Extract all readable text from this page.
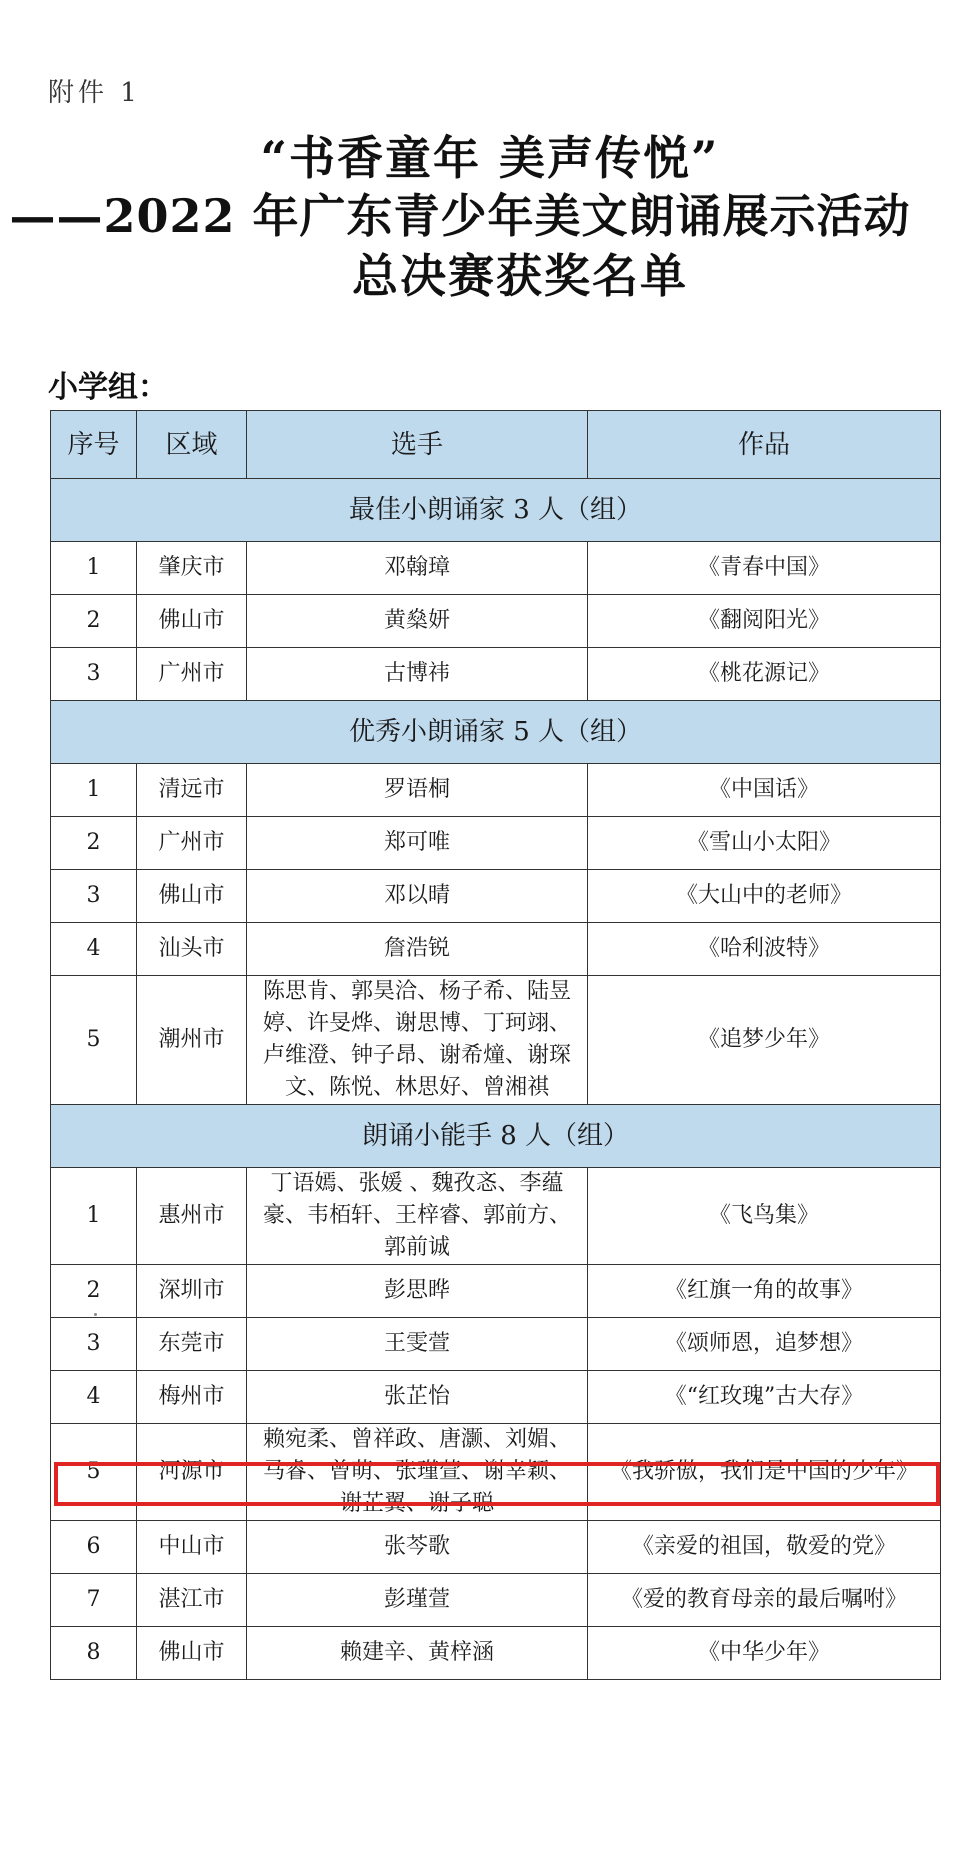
附件 1
“书香童年 美声传悦”
——2022 年广东青少年美文朗诵展示活动
总决赛获奖名单
小学组：
序号	区域	选手	作品
最佳小朗诵家 3 人（组）			
1	肇庆市	邓翰璋	《青春中国》
2	佛山市	黄燊妍	《翻阅阳光》
3	广州市	古博祎	《桃花源记》
优秀小朗诵家 5 人（组）			
1	清远市	罗语桐	《中国话》
2	广州市	郑可唯	《雪山小太阳》
3	佛山市	邓以晴	《大山中的老师》
4	汕头市	詹浩锐	《哈利波特》
5	潮州市	陈思肯、郭昊洽、杨子希、陆昱
婷、许旻烨、谢思博、丁珂翊、
卢维澄、钟子昂、谢希燑、谢琛
文、陈悦、林思好、曾湘祺	《追梦少年》
朗诵小能手 8 人（组）			
1	惠州市	丁语嫣、张媛 、魏孜忞、李蕴
豪、韦栢轩、王梓睿、郭前方、
郭前诚	《飞鸟集》
2	深圳市	彭思晔	《红旗一角的故事》
3	东莞市	王雯萱	《颂师恩，追梦想》
4	梅州市	张芷怡	《“红玫瑰”古大存》
5	河源市	赖宛柔、曾祥政、唐灏、刘媚、
马睿、曾萌、张瑾萱、谢幸颖、
谢芷翼、谢子聪	《我骄傲，我们是中国的少年》
6	中山市	张芩歌	《亲爱的祖国，敬爱的党》
7	湛江市	彭瑾萱	《爱的教育母亲的最后嘱咐》
8	佛山市	赖建辛、黄梓涵	《中华少年》
